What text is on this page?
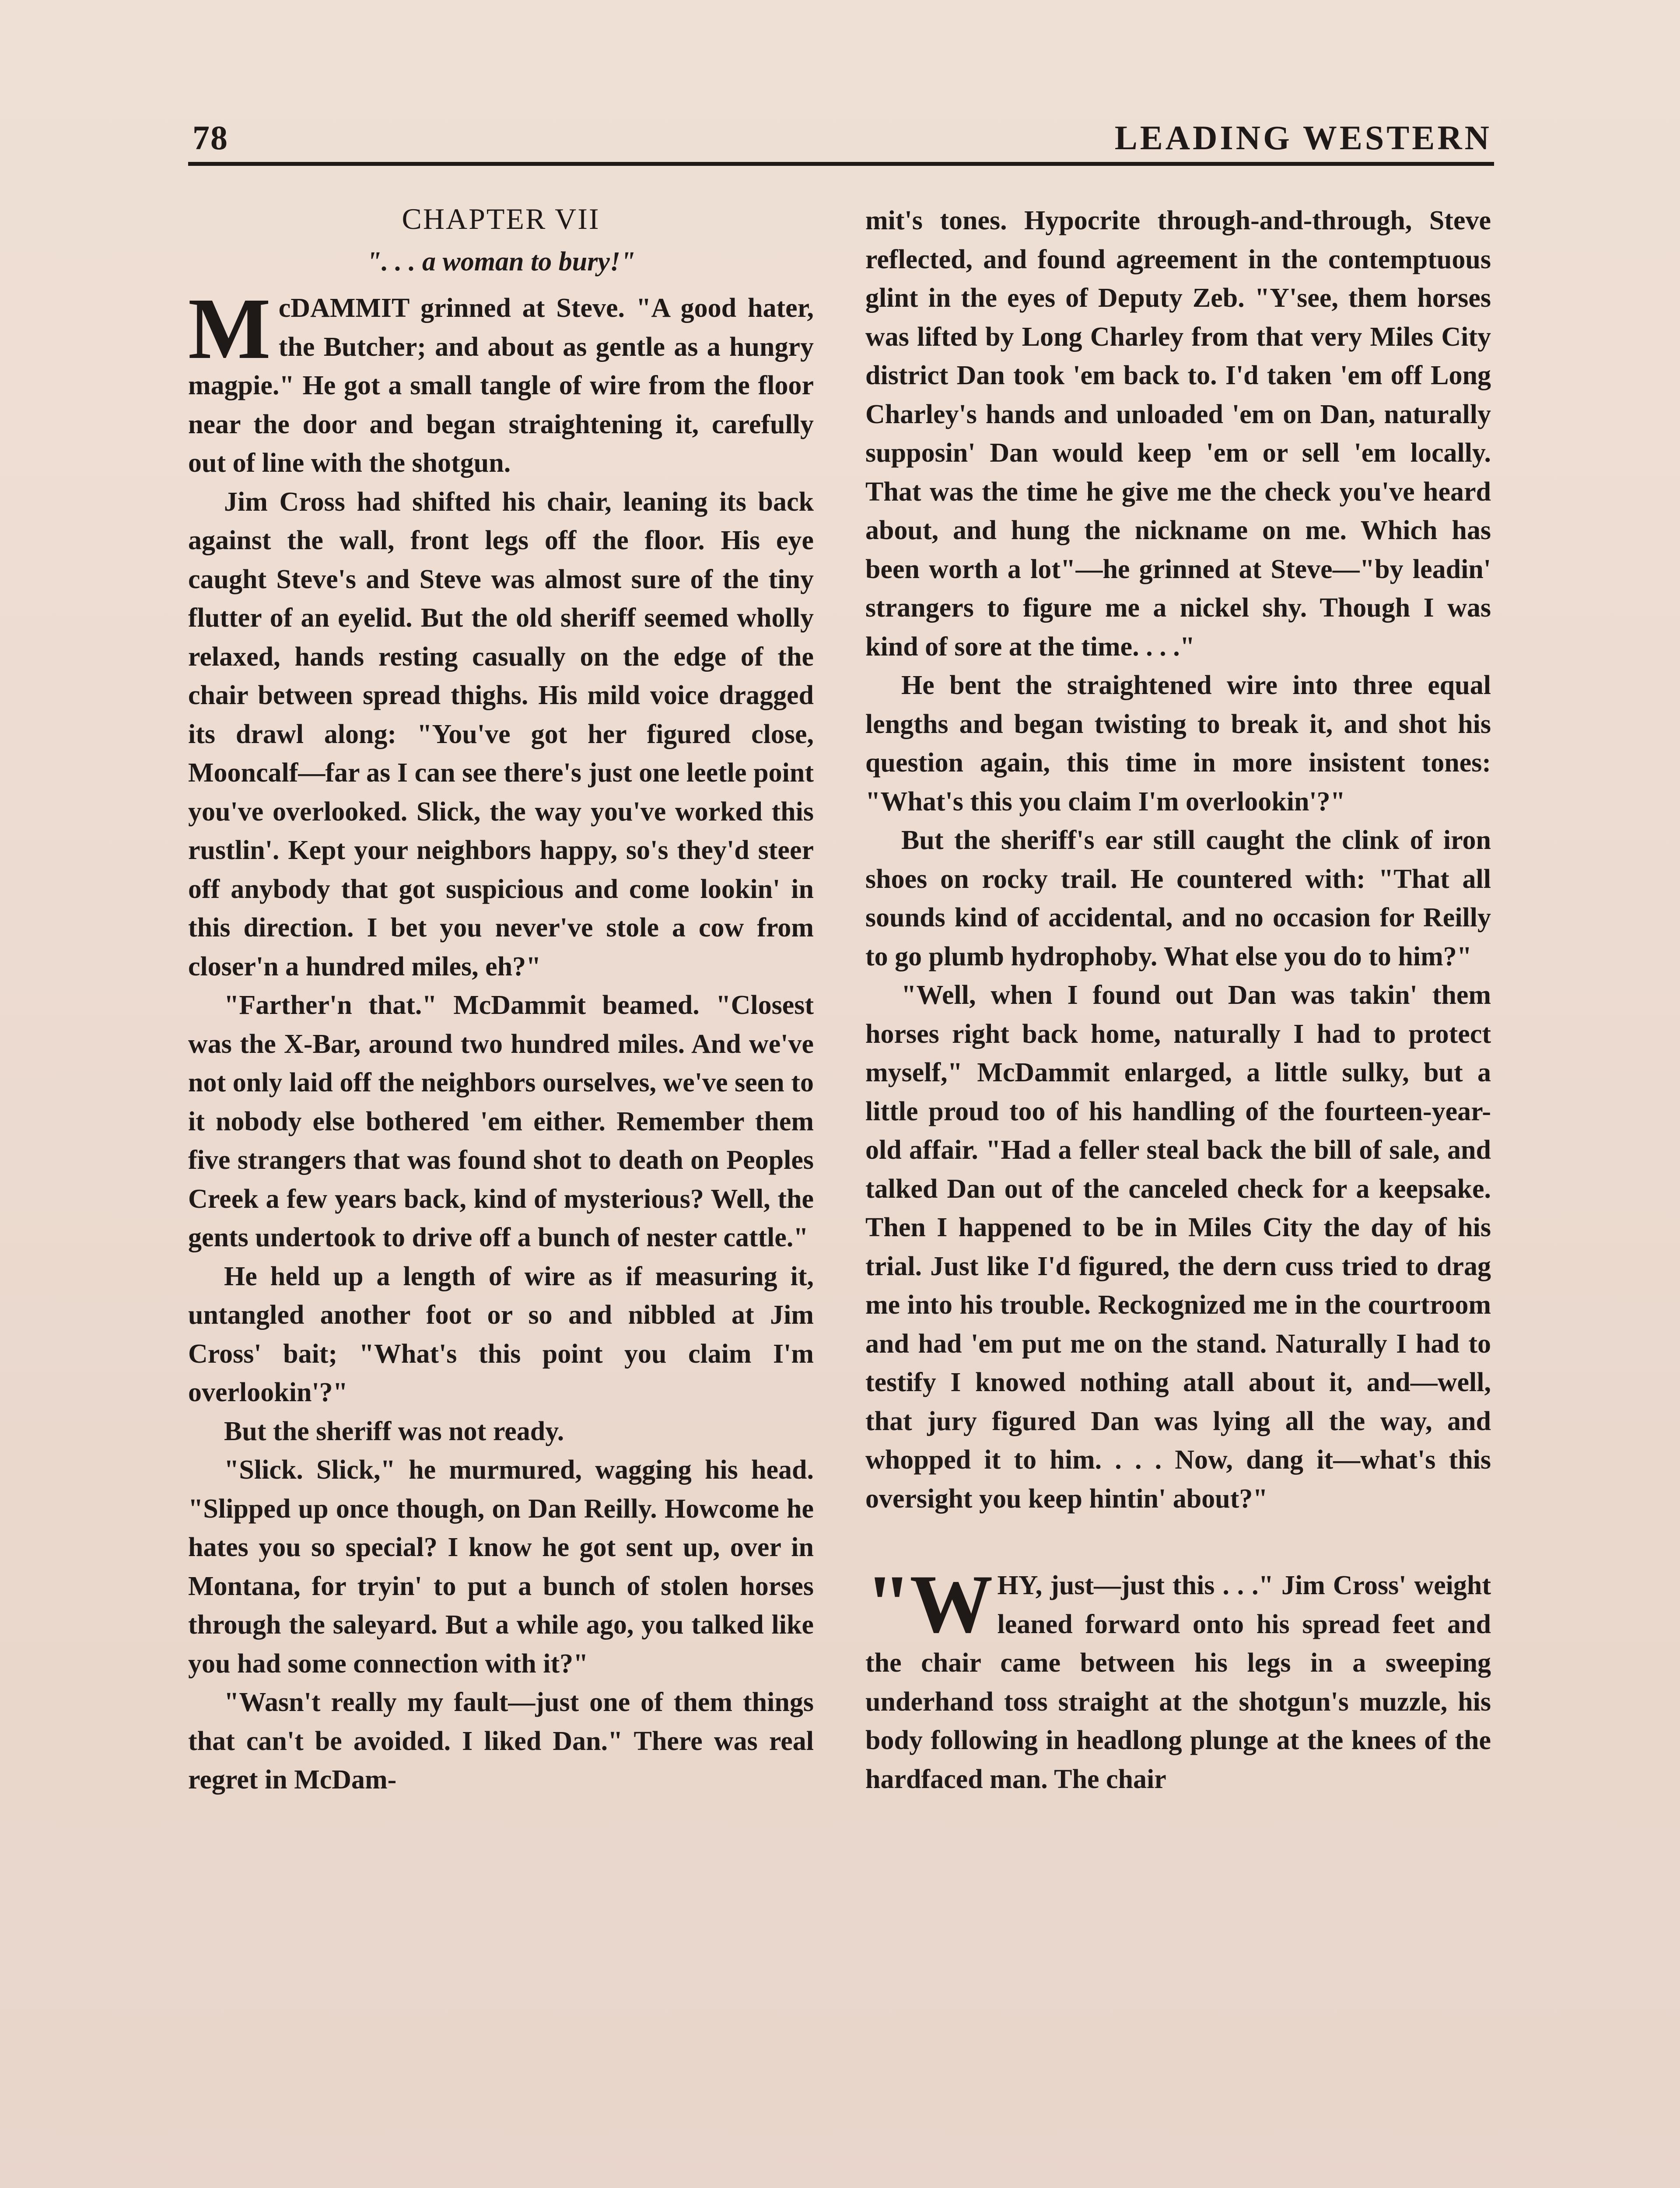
78	LEADING WESTERN
CHAPTER VII
". . . a woman to bury!"

McDAMMIT grinned at Steve. "A good hater, the Butcher; and about as gentle as a hungry magpie." He got a small tangle of wire from the floor near the door and began straightening it, carefully out of line with the shotgun.

Jim Cross had shifted his chair, leaning its back against the wall, front legs off the floor. His eye caught Steve's and Steve was almost sure of the tiny flutter of an eyelid. But the old sheriff seemed wholly relaxed, hands resting casually on the edge of the chair between spread thighs. His mild voice dragged its drawl along: "You've got her figured close, Mooncalf—far as I can see there's just one leetle point you've overlooked. Slick, the way you've worked this rustlin'. Kept your neighbors happy, so's they'd steer off anybody that got suspicious and come lookin' in this direction. I bet you never've stole a cow from closer'n a hundred miles, eh?"

"Farther'n that." McDammit beamed. "Closest was the X-Bar, around two hundred miles. And we've not only laid off the neighbors ourselves, we've seen to it nobody else bothered 'em either. Remember them five strangers that was found shot to death on Peoples Creek a few years back, kind of mysterious? Well, the gents undertook to drive off a bunch of nester cattle."

He held up a length of wire as if measuring it, untangled another foot or so and nibbled at Jim Cross' bait; "What's this point you claim I'm overlookin'?"

But the sheriff was not ready.

"Slick. Slick," he murmured, wagging his head. "Slipped up once though, on Dan Reilly. Howcome he hates you so special? I know he got sent up, over in Montana, for tryin' to put a bunch of stolen horses through the saleyard. But a while ago, you talked like you had some connection with it?"

"Wasn't really my fault—just one of them things that can't be avoided. I liked Dan." There was real regret in McDam-

mit's tones. Hypocrite through-and-through, Steve reflected, and found agreement in the contemptuous glint in the eyes of Deputy Zeb. "Y'see, them horses was lifted by Long Charley from that very Miles City district Dan took 'em back to. I'd taken 'em off Long Charley's hands and unloaded 'em on Dan, naturally supposin' Dan would keep 'em or sell 'em locally. That was the time he give me the check you've heard about, and hung the nickname on me. Which has been worth a lot"—he grinned at Steve—"by leadin' strangers to figure me a nickel shy. Though I was kind of sore at the time. . . ."

He bent the straightened wire into three equal lengths and began twisting to break it, and shot his question again, this time in more insistent tones: "What's this you claim I'm overlookin'?"

But the sheriff's ear still caught the clink of iron shoes on rocky trail. He countered with: "That all sounds kind of accidental, and no occasion for Reilly to go plumb hydrophoby. What else you do to him?"

"Well, when I found out Dan was takin' them horses right back home, naturally I had to protect myself," McDammit enlarged, a little sulky, but a little proud too of his handling of the fourteen-year-old affair. "Had a feller steal back the bill of sale, and talked Dan out of the canceled check for a keepsake. Then I happened to be in Miles City the day of his trial. Just like I'd figured, the dern cuss tried to drag me into his trouble. Reckognized me in the courtroom and had 'em put me on the stand. Naturally I had to testify I knowed nothing atall about it, and—well, that jury figured Dan was lying all the way, and whopped it to him. . . . Now, dang it—what's this oversight you keep hintin' about?"

"WHY, just—just this . . ." Jim Cross' weight leaned forward onto his spread feet and the chair came between his legs in a sweeping underhand toss straight at the shotgun's muzzle, his body following in headlong plunge at the knees of the hardfaced man. The chair
